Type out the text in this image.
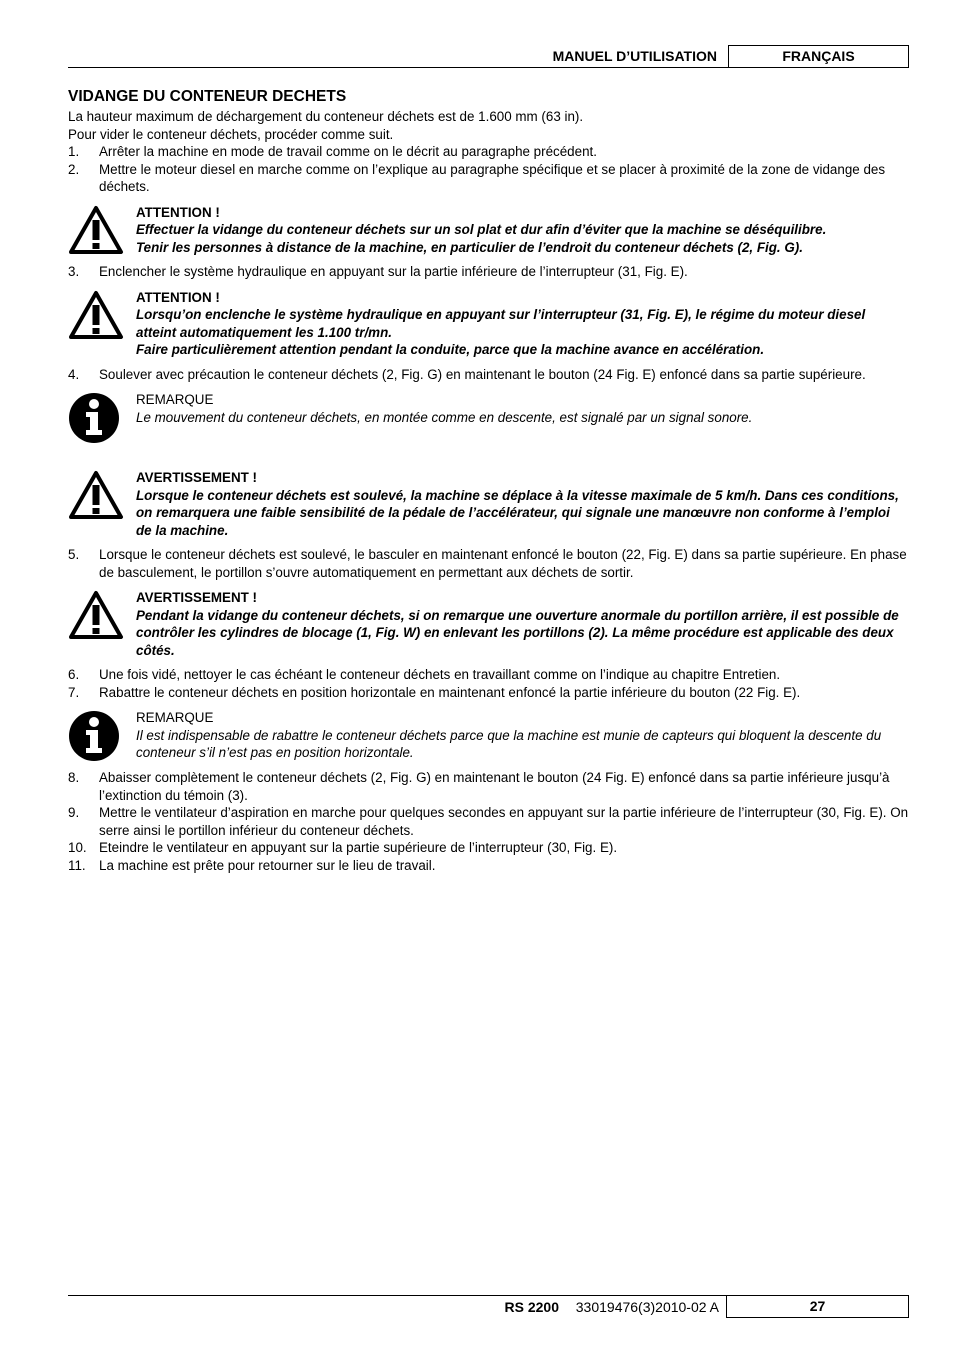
MANUEL D’UTILISATION	FRANÇAIS
VIDANGE DU CONTENEUR DECHETS

La hauteur maximum de déchargement du conteneur déchets est de 1.600 mm (63 in).

Pour vider le conteneur déchets, procéder comme suit.

1.	Arrêter la machine en mode de travail comme on le décrit au paragraphe précédent.
2.	Mettre le moteur diesel en marche comme on l’explique au paragraphe spécifique et se placer à proximité de la zone de vidange des déchets.
ATTENTION !
Effectuer la vidange du conteneur déchets sur un sol plat et dur afin d’éviter que la machine se déséquilibre.
Tenir les personnes à distance de la machine, en particulier de l’endroit du conteneur déchets (2, Fig. G).
3.	Enclencher le système hydraulique en appuyant sur la partie inférieure de l’interrupteur (31, Fig. E).
ATTENTION !
Lorsqu’on enclenche le système hydraulique en appuyant sur l’interrupteur (31, Fig. E), le régime du moteur diesel atteint automatiquement les 1.100 tr/mn.
Faire particulièrement attention pendant la conduite, parce que la machine avance en accélération.
4.	Soulever avec précaution le conteneur déchets (2, Fig. G) en maintenant le bouton (24 Fig. E) enfoncé dans sa partie supérieure.
REMARQUE
Le mouvement du conteneur déchets, en montée comme en descente, est signalé par un signal sonore.
AVERTISSEMENT !
Lorsque le conteneur déchets est soulevé, la machine se déplace à la vitesse maximale de 5 km/h. Dans ces conditions, on remarquera une faible sensibilité de la pédale de l’accélérateur, qui signale une manœuvre non conforme à l’emploi de la machine.
5.	Lorsque le conteneur déchets est soulevé, le basculer en maintenant enfoncé le bouton (22, Fig. E) dans sa partie supérieure. En phase de basculement, le portillon s’ouvre automatiquement en permettant aux déchets de sortir.
AVERTISSEMENT !
Pendant la vidange du conteneur déchets, si on remarque une ouverture anormale du portillon arrière, il est possible de contrôler les cylindres de blocage (1, Fig. W) en enlevant les portillons (2). La même procédure est applicable des deux côtés.
6.	Une fois vidé, nettoyer le cas échéant le conteneur déchets en travaillant comme on l’indique au chapitre Entretien.
7.	Rabattre le conteneur déchets en position horizontale en maintenant enfoncé la partie inférieure du bouton (22 Fig. E).
REMARQUE
Il est indispensable de rabattre le conteneur déchets parce que la machine est munie de capteurs qui bloquent la descente du conteneur s’il n’est pas en position horizontale.
8.	Abaisser complètement le conteneur déchets (2, Fig. G) en maintenant le bouton (24 Fig. E) enfoncé dans sa partie inférieure jusqu’à l’extinction du témoin (3).
9.	Mettre le ventilateur d’aspiration en marche pour quelques secondes en appuyant sur la partie inférieure de l’interrupteur (30, Fig. E). On serre ainsi le portillon inférieur du conteneur déchets.
10. Eteindre le ventilateur en appuyant sur la partie supérieure de l’interrupteur (30, Fig. E).
11. La machine est prête pour retourner sur le lieu de travail.
RS 2200	33019476(3)2010-02 A	27
